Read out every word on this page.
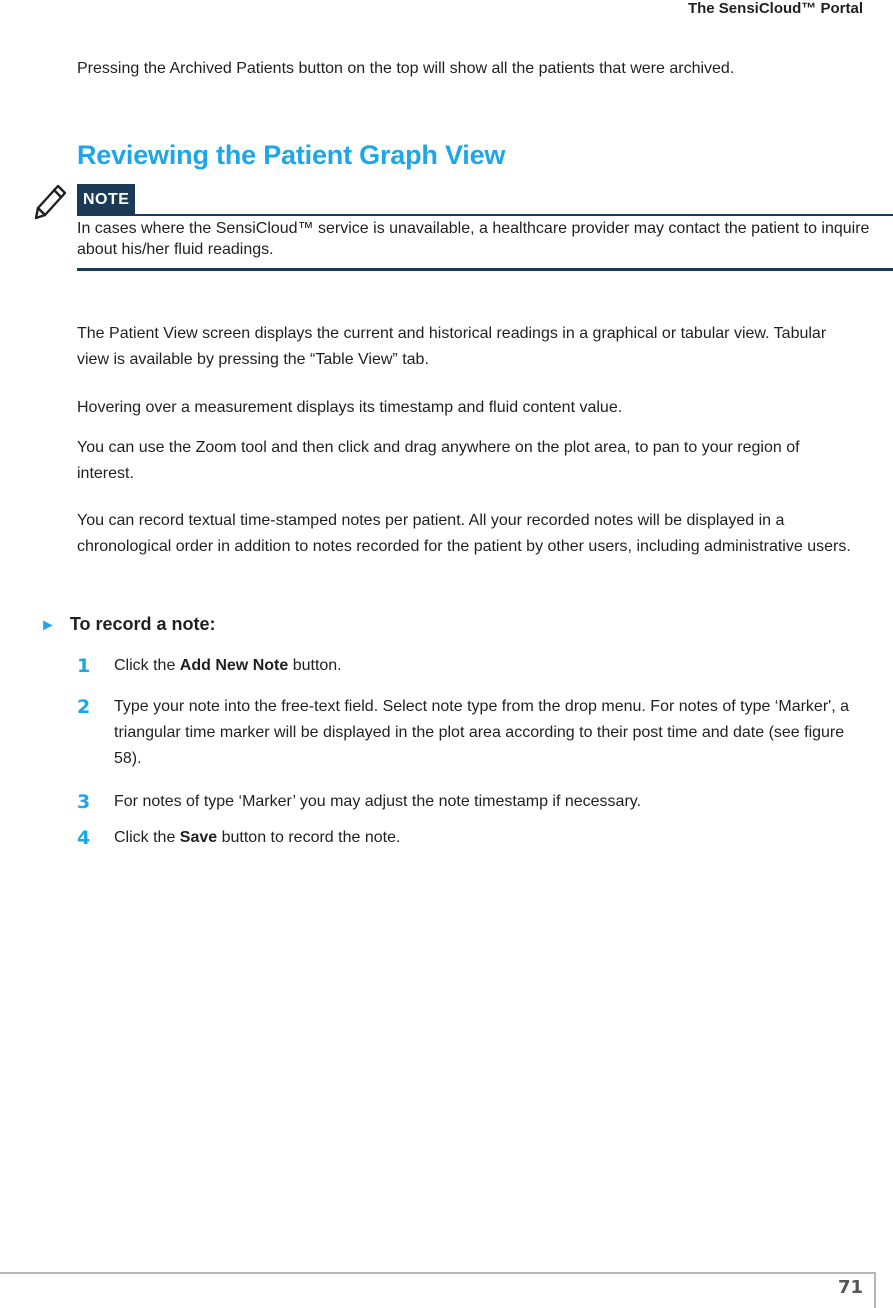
The SensiCloud™ Portal

Pressing the Archived Patients button on the top will show all the patients that were archived.

Reviewing the Patient Graph View
NOTE

In cases where the SensiCloud™ service is unavailable, a healthcare provider may contact the patient to inquire about his/her fluid readings.

The Patient View screen displays the current and historical readings in a graphical or tabular view. Tabular view is available by pressing the “Table View” tab.

Hovering over a measurement displays its timestamp and fluid content value.

You can use the Zoom tool and then click and drag anywhere on the plot area, to pan to your region of interest.

You can record textual time-stamped notes per patient. All your recorded notes will be displayed in a chronological order in addition to notes recorded for the patient by other users, including administrative users.

► To record a note:
1 Click the Add New Note button.
2 Type your note into the free-text field. Select note type from the drop menu. For notes of type ‘Marker', a triangular time marker will be displayed in the plot area according to their post time and date (see figure 58).
3 For notes of type ‘Marker’ you may adjust the note timestamp if necessary.
4 Click the Save button to record the note.
71
